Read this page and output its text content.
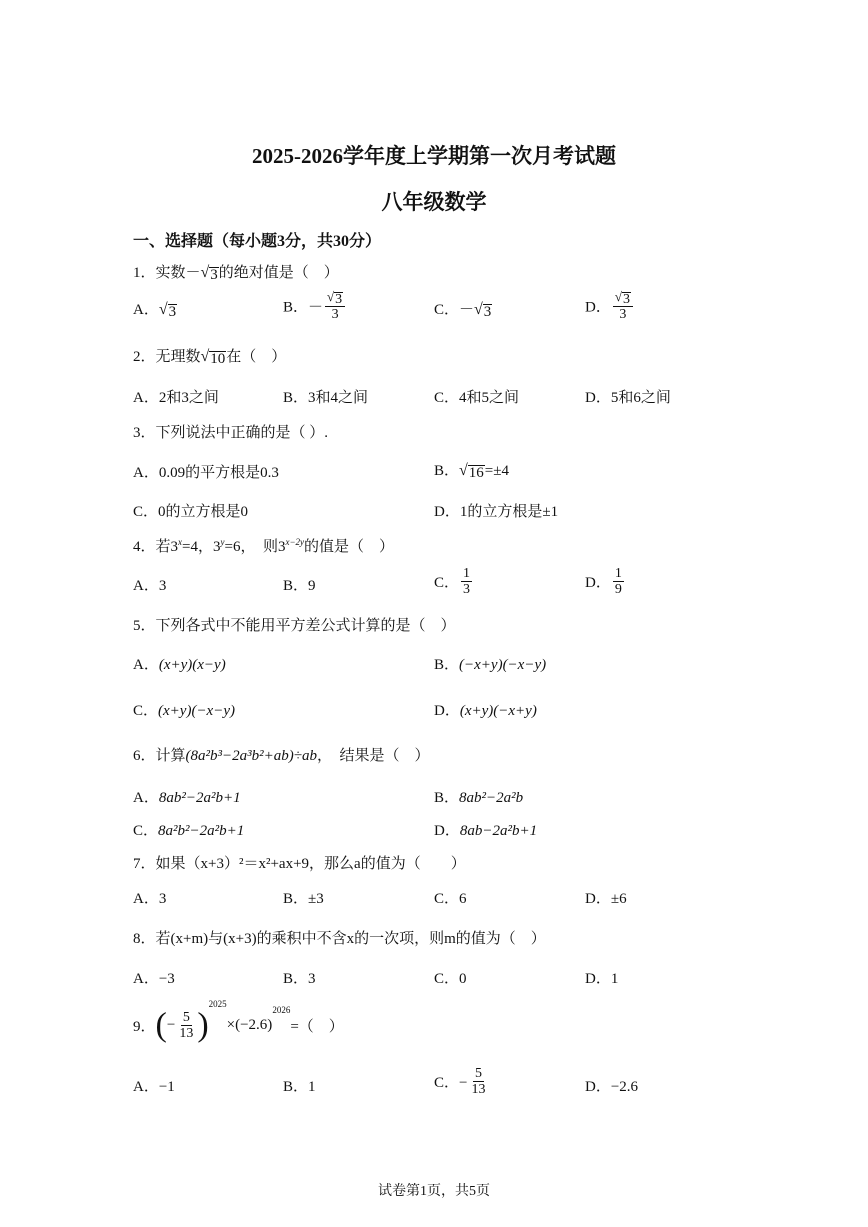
2025-2026学年度上学期第一次月考试题
八年级数学
一、选择题（每小题3分，共30分）
1．实数－ √ 3 的绝对值是（　）
A． √ 3	B．－ $\frac{√ 3}{3}$	C．－ √ 3	D． $\frac{√ 3}{3}$
2．无理数 √ 10 在（　）
A．2和3之间	B．3和4之间	C．4和5之间	D．5和6之间
3．下列说法中正确的是（ ）.
A．0.09的平方根是0.3	B． √ 16 =±4
C．0的立方根是0	D．1的立方根是±1
4．若$3^x=4$，$3^y=6$，　则$3^{x-2y}$的值是（　）
A．3	B．9	C． $\frac{1}{3}$	D． $\frac{1}{9}$
5．下列各式中不能用平方差公式计算的是（　）
A．(x+y)(x−y)	B．(−x+y)(−x−y)
C．(x+y)(−x−y)	D．(x+y)(−x+y)
6．计算(8a²b³−2a³b²+ab)÷ab，　结果是（　）
A．8ab²−2a²b+1	B．8ab²−2a²b
C．8a²b²−2a²b+1	D．8ab−2a²b+1
7．如果（x+3）²＝x²+ax+9，那么a的值为（　　）
A．3	B．±3	C．6	D．±6
8．若(x+m)与(x+3)的乘积中不含x的一次项，则m的值为（　）
A．−3	B．3	C．0	D．1
9．(− $\frac{5}{13} )^{2025}\times(-2.6)^{2026}=$（　）
A．−1	B．1	C．− $\frac{5}{13}$	D．−2.6
试卷第1页，共5页
